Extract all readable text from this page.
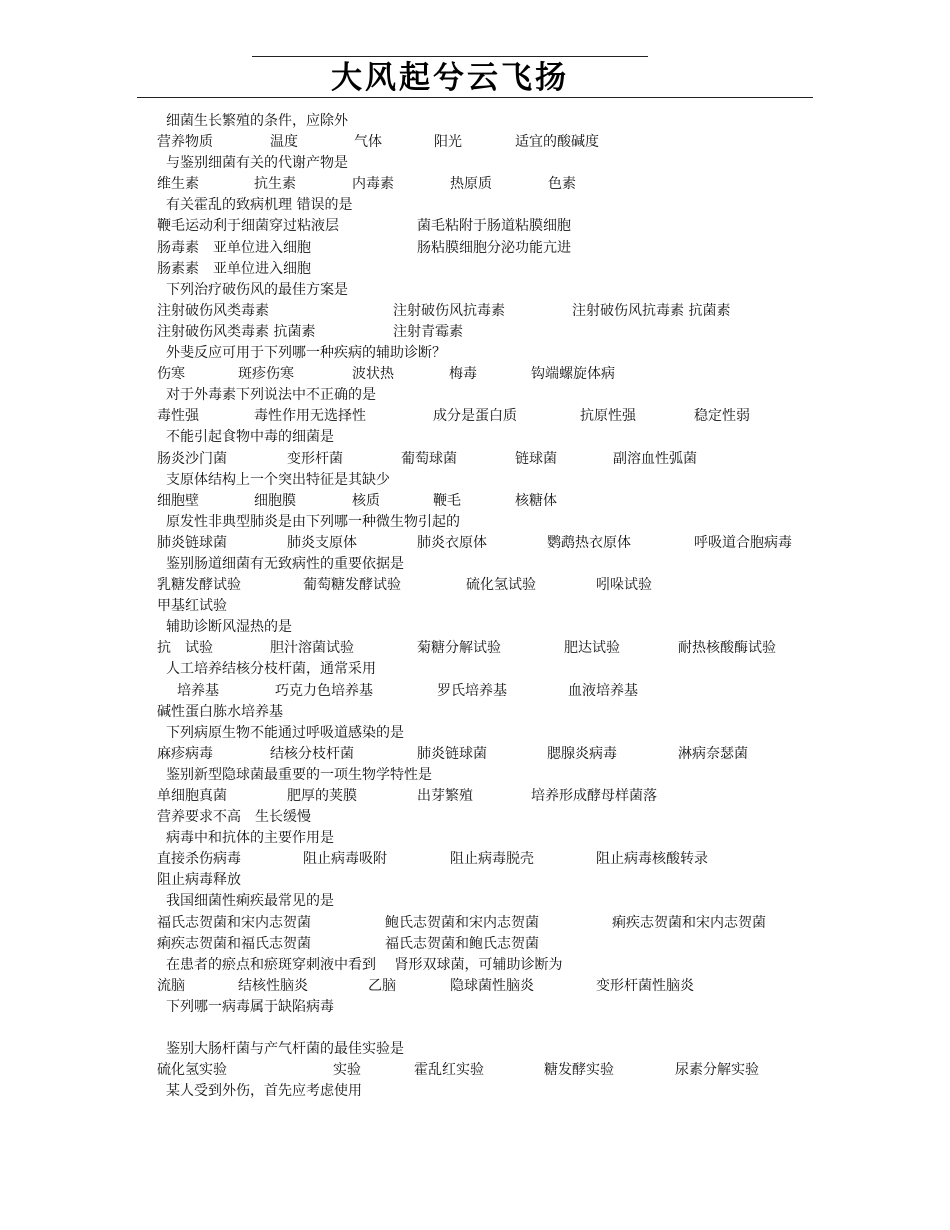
大风起兮云飞扬
细菌生长繁殖的条件，应除外
营养物质	温度	气体	阳光	适宜的酸碱度
与鉴别细菌有关的代谢产物是
维生素	抗生素	内毒素	热原质	色素
有关霍乱的致病机理 错误的是
鞭毛运动利于细菌穿过粘液层	菌毛粘附于肠道粘膜细胞
肠毒素　亚单位进入细胞	肠粘膜细胞分泌功能亢进
肠素素　亚单位进入细胞
下列治疗破伤风的最佳方案是
注射破伤风类毒素	注射破伤风抗毒素	注射破伤风抗毒素 抗菌素
注射破伤风类毒素 抗菌素	注射青霉素
外斐反应可用于下列哪一种疾病的辅助诊断？
伤寒	斑疹伤寒	波状热	梅毒	钩端螺旋体病
对于外毒素下列说法中不正确的是
毒性强	毒性作用无选择性	成分是蛋白质	抗原性强	稳定性弱
不能引起食物中毒的细菌是
肠炎沙门菌	变形杆菌	葡萄球菌	链球菌	副溶血性弧菌
支原体结构上一个突出特征是其缺少
细胞壁	细胞膜	核质	鞭毛	核糖体
原发性非典型肺炎是由下列哪一种微生物引起的
肺炎链球菌	肺炎支原体	肺炎衣原体	鹦鹉热衣原体	呼吸道合胞病毒
鉴别肠道细菌有无致病性的重要依据是
乳糖发酵试验	葡萄糖发酵试验	硫化氢试验	吲哚试验
甲基红试验
辅助诊断风湿热的是
抗　试验	胆汁溶菌试验	菊糖分解试验	肥达试验	耐热核酸酶试验
人工培养结核分枝杆菌，通常采用
培养基	巧克力色培养基	罗氏培养基	血液培养基
碱性蛋白胨水培养基
下列病原生物不能通过呼吸道感染的是
麻疹病毒	结核分枝杆菌	肺炎链球菌	腮腺炎病毒	淋病奈瑟菌
鉴别新型隐球菌最重要的一项生物学特性是
单细胞真菌	肥厚的荚膜	出芽繁殖	培养形成酵母样菌落
营养要求不高　生长缓慢
病毒中和抗体的主要作用是
直接杀伤病毒	阻止病毒吸附	阻止病毒脱壳	阻止病毒核酸转录
阻止病毒释放
我国细菌性痢疾最常见的是
福氏志贺菌和宋内志贺菌	鲍氏志贺菌和宋内志贺菌	痢疾志贺菌和宋内志贺菌
痢疾志贺菌和福氏志贺菌	福氏志贺菌和鲍氏志贺菌
在患者的瘀点和瘀斑穿刺液中看到　 肾形双球菌，可辅助诊断为
流脑	结核性脑炎	乙脑	隐球菌性脑炎	变形杆菌性脑炎
下列哪一病毒属于缺陷病毒
鉴别大肠杆菌与产气杆菌的最佳实验是
硫化氢实验	实验	霍乱红实验	糖发酵实验	尿素分解实验
某人受到外伤，首先应考虑使用
